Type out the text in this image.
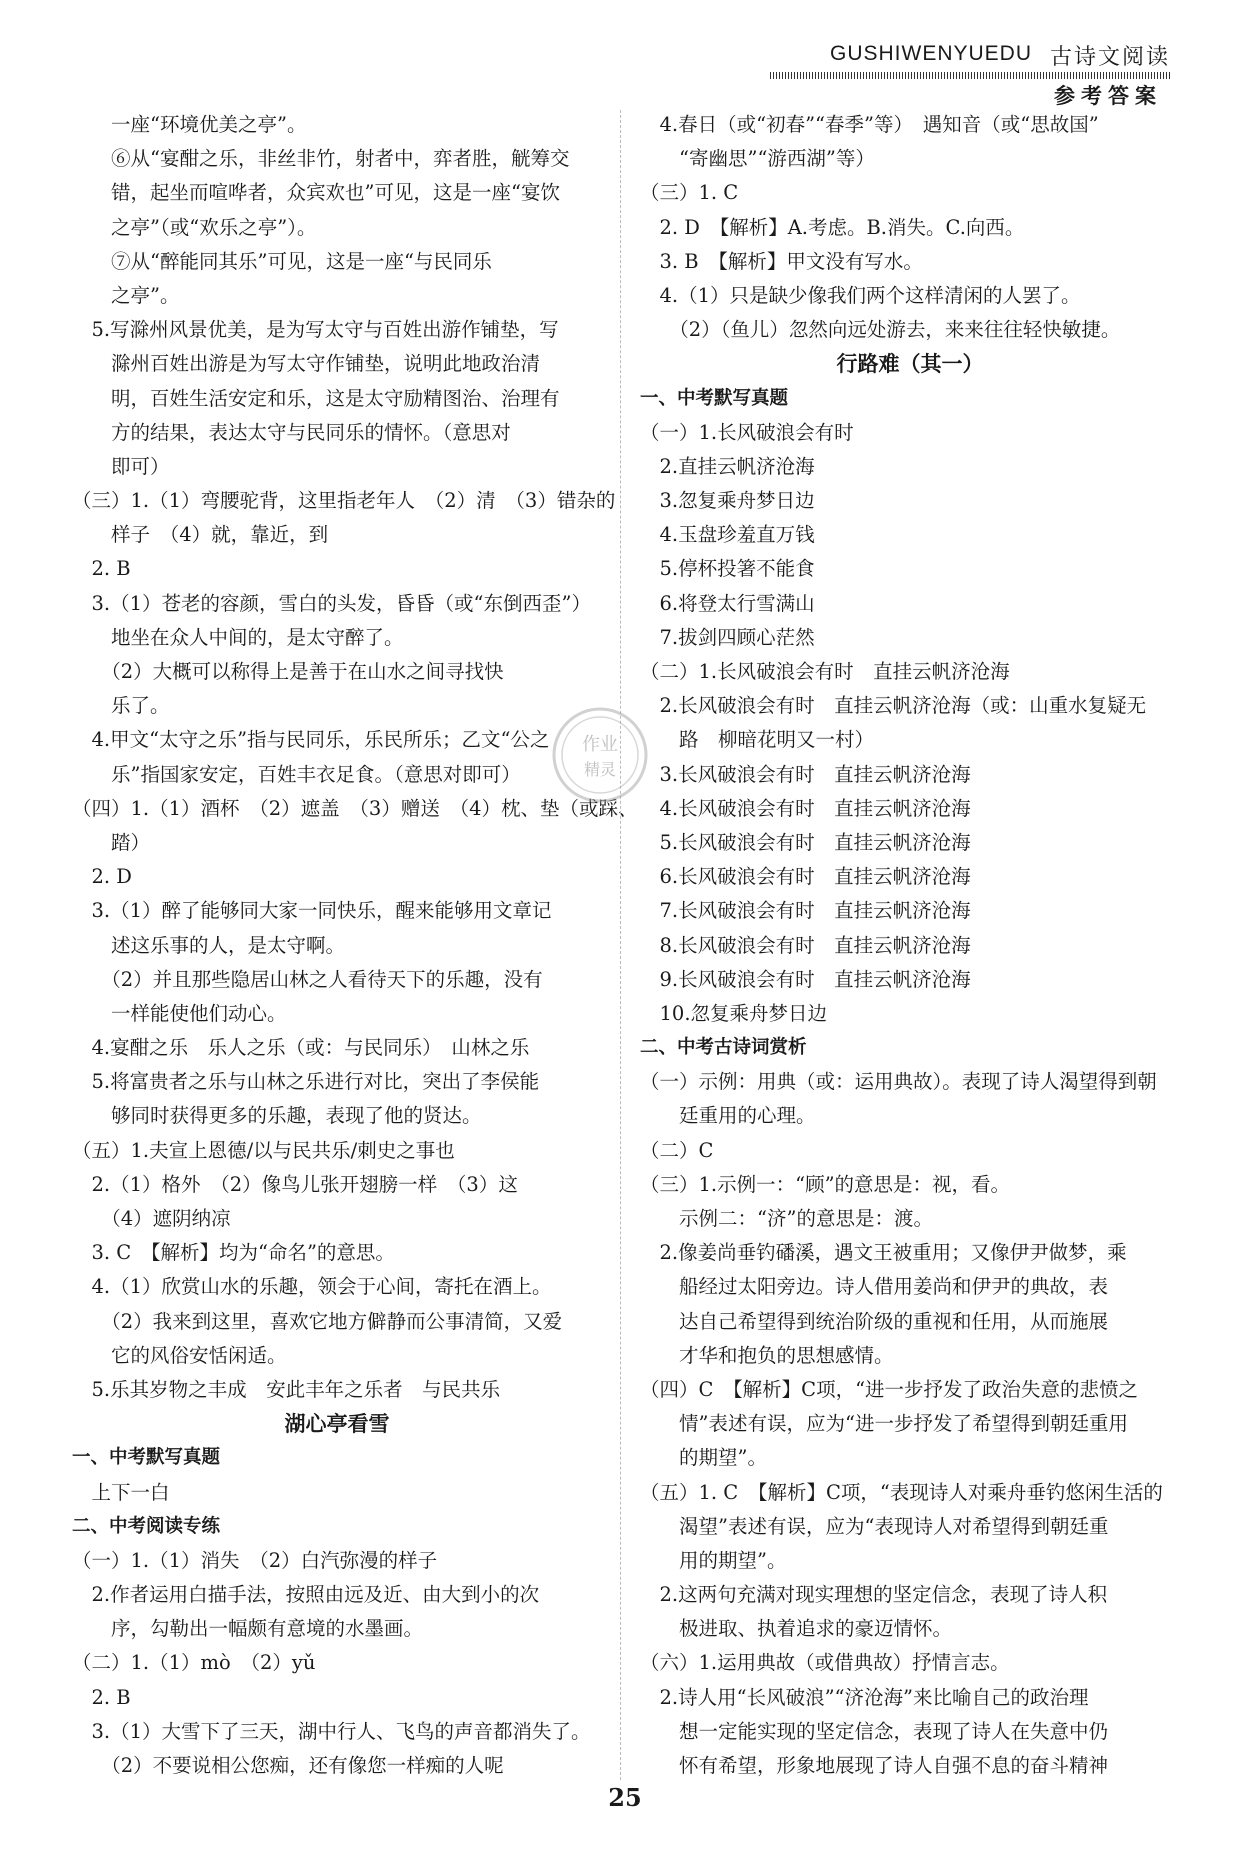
GUSHIWENYUEDU 古诗文阅读
参考答案
　　一座“环境优美之亭”。
　　⑥从“宴酣之乐，非丝非竹，射者中，弈者胜，觥筹交
　　错，起坐而喧哗者，众宾欢也”可见，这是一座“宴饮
　　之亭”（或“欢乐之亭”）。
　　⑦从“醉能同其乐”可见，这是一座“与民同乐
　　之亭”。
　5.写滁州风景优美，是为写太守与百姓出游作铺垫，写
　　滁州百姓出游是为写太守作铺垫，说明此地政治清
　　明，百姓生活安定和乐，这是太守励精图治、治理有
　　方的结果，表达太守与民同乐的情怀。（意思对
　　即可）
（三）1.（1）弯腰驼背，这里指老年人　（2）清　（3）错杂的
　　样子　（4）就，靠近，到
　2. B
　3.（1）苍老的容颜，雪白的头发，昏昏（或“东倒西歪”）
　　地坐在众人中间的，是太守醉了。
　　（2）大概可以称得上是善于在山水之间寻找快
　　乐了。
　4.甲文“太守之乐”指与民同乐，乐民所乐；乙文“公之
　　乐”指国家安定，百姓丰衣足食。（意思对即可）
（四）1.（1）酒杯　（2）遮盖　（3）赠送　（4）枕、垫（或踩、
　　踏）
　2. D
　3.（1）醉了能够同大家一同快乐，醒来能够用文章记
　　述这乐事的人，是太守啊。
　　（2）并且那些隐居山林之人看待天下的乐趣，没有
　　一样能使他们动心。
　4.宴酣之乐　乐人之乐（或：与民同乐）　山林之乐
　5.将富贵者之乐与山林之乐进行对比，突出了李侯能
　　够同时获得更多的乐趣，表现了他的贤达。
（五）1.夫宣上恩德/以与民共乐/刺史之事也
　2.（1）格外　（2）像鸟儿张开翅膀一样　（3）这
　　（4）遮阴纳凉
　3. C　【解析】均为“命名”的意思。
　4.（1）欣赏山水的乐趣，领会于心间，寄托在酒上。
　　（2）我来到这里，喜欢它地方僻静而公事清简，又爱
　　它的风俗安恬闲适。
　5.乐其岁物之丰成　安此丰年之乐者　与民共乐
湖心亭看雪
一、中考默写真题
　上下一白
二、中考阅读专练
（一）1.（1）消失　（2）白汽弥漫的样子
　2.作者运用白描手法，按照由远及近、由大到小的次
　　序，勾勒出一幅颇有意境的水墨画。
（二）1.（1）mò　（2）yǔ
　2. B
　3.（1）大雪下了三天，湖中行人、飞鸟的声音都消失了。
　　（2）不要说相公您痴，还有像您一样痴的人呢
　4.春日（或“初春”“春季”等）　遇知音（或“思故国”
　　“寄幽思”“游西湖”等）
（三）1. C
　2. D　【解析】A.考虑。B.消失。C.向西。
　3. B　【解析】甲文没有写水。
　4.（1）只是缺少像我们两个这样清闲的人罢了。
　　（2）（鱼儿）忽然向远处游去，来来往往轻快敏捷。
行路难（其一）
一、中考默写真题
（一）1.长风破浪会有时
　2.直挂云帆济沧海
　3.忽复乘舟梦日边
　4.玉盘珍羞直万钱
　5.停杯投箸不能食
　6.将登太行雪满山
　7.拔剑四顾心茫然
（二）1.长风破浪会有时　直挂云帆济沧海
　2.长风破浪会有时　直挂云帆济沧海（或：山重水复疑无
　　路　柳暗花明又一村）
　3.长风破浪会有时　直挂云帆济沧海
　4.长风破浪会有时　直挂云帆济沧海
　5.长风破浪会有时　直挂云帆济沧海
　6.长风破浪会有时　直挂云帆济沧海
　7.长风破浪会有时　直挂云帆济沧海
　8.长风破浪会有时　直挂云帆济沧海
　9.长风破浪会有时　直挂云帆济沧海
　10.忽复乘舟梦日边
二、中考古诗词赏析
（一）示例：用典（或：运用典故）。表现了诗人渴望得到朝
　　廷重用的心理。
（二）C
（三）1.示例一：“顾”的意思是：视，看。
　　示例二：“济”的意思是：渡。
　2.像姜尚垂钓磻溪，遇文王被重用；又像伊尹做梦，乘
　　船经过太阳旁边。诗人借用姜尚和伊尹的典故，表
　　达自己希望得到统治阶级的重视和任用，从而施展
　　才华和抱负的思想感情。
（四）C　【解析】C项，“进一步抒发了政治失意的悲愤之
　　情”表述有误，应为“进一步抒发了希望得到朝廷重用
　　的期望”。
（五）1. C　【解析】C项，“表现诗人对乘舟垂钓悠闲生活的
　　渴望”表述有误，应为“表现诗人对希望得到朝廷重
　　用的期望”。
　2.这两句充满对现实理想的坚定信念，表现了诗人积
　　极进取、执着追求的豪迈情怀。
（六）1.运用典故（或借典故）抒情言志。
　2.诗人用“长风破浪”“济沧海”来比喻自己的政治理
　　想一定能实现的坚定信念，表现了诗人在失意中仍
　　怀有希望，形象地展现了诗人自强不息的奋斗精神
作业
精灵
25
